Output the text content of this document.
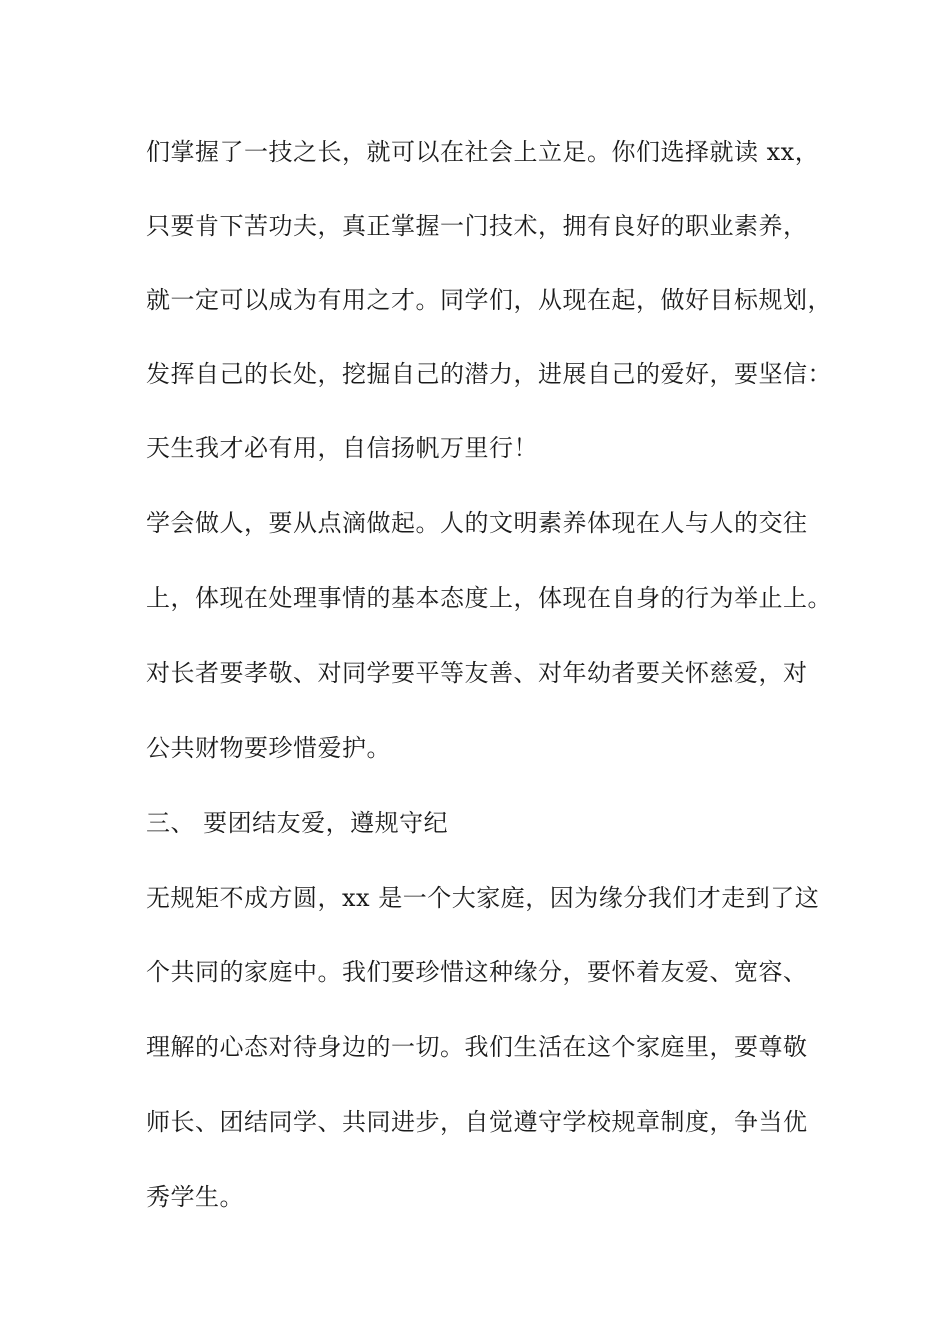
们掌握了一技之长，就可以在社会上立足。你们选择就读 xx，
只要肯下苦功夫，真正掌握一门技术，拥有良好的职业素养，
就一定可以成为有用之才。同学们，从现在起，做好目标规划，
发挥自己的长处，挖掘自己的潜力，进展自己的爱好，要坚信：
天生我才必有用，自信扬帆万里行！
学会做人，要从点滴做起。人的文明素养体现在人与人的交往
上，体现在处理事情的基本态度上，体现在自身的行为举止上。
对长者要孝敬、对同学要平等友善、对年幼者要关怀慈爱，对
公共财物要珍惜爱护。
三、 要团结友爱，遵规守纪
无规矩不成方圆，xx 是一个大家庭，因为缘分我们才走到了这
个共同的家庭中。我们要珍惜这种缘分，要怀着友爱、宽容、
理解的心态对待身边的一切。我们生活在这个家庭里，要尊敬
师长、团结同学、共同进步，自觉遵守学校规章制度，争当优
秀学生。
